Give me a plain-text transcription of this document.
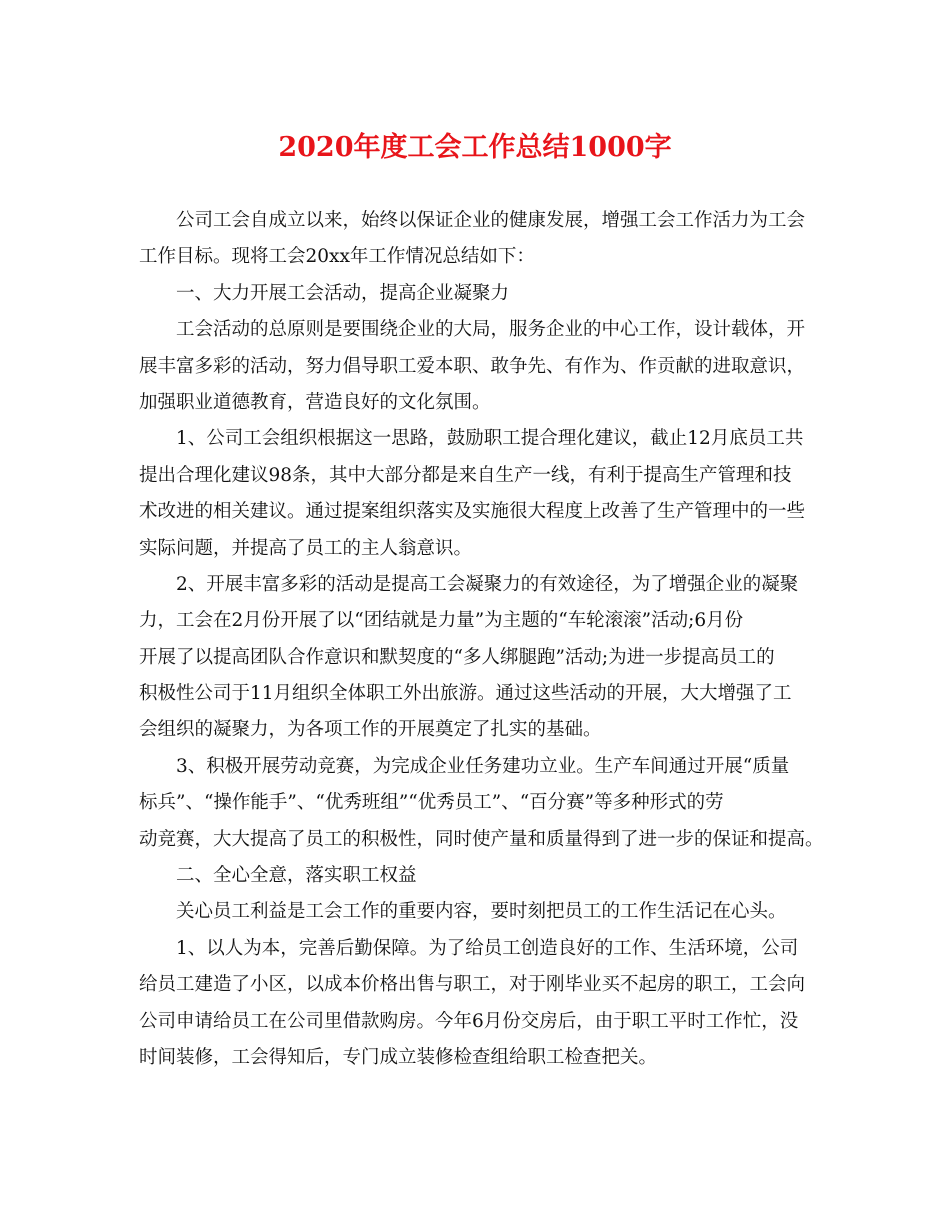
2020年度工会工作总结1000字
公司工会自成立以来，始终以保证企业的健康发展，增强工会工作活力为工会
工作目标。现将工会20xx年工作情况总结如下：
一、大力开展工会活动，提高企业凝聚力
工会活动的总原则是要围绕企业的大局，服务企业的中心工作，设计载体，开
展丰富多彩的活动，努力倡导职工爱本职、敢争先、有作为、作贡献的进取意识，
加强职业道德教育，营造良好的文化氛围。
1、公司工会组织根据这一思路，鼓励职工提合理化建议，截止12月底员工共
提出合理化建议98条，其中大部分都是来自生产一线，有利于提高生产管理和技
术改进的相关建议。通过提案组织落实及实施很大程度上改善了生产管理中的一些
实际问题，并提高了员工的主人翁意识。
2、开展丰富多彩的活动是提高工会凝聚力的有效途径，为了增强企业的凝聚
力，工会在2月份开展了以“团结就是力量”为主题的“车轮滚滚”活动;6月份
开展了以提高团队合作意识和默契度的“多人绑腿跑”活动;为进一步提高员工的
积极性公司于11月组织全体职工外出旅游。通过这些活动的开展，大大增强了工
会组织的凝聚力，为各项工作的开展奠定了扎实的基础。
3、积极开展劳动竞赛，为完成企业任务建功立业。生产车间通过开展“质量
标兵”、“操作能手”、“优秀班组”“优秀员工”、“百分赛”等多种形式的劳
动竞赛，大大提高了员工的积极性，同时使产量和质量得到了进一步的保证和提高。
二、全心全意，落实职工权益
关心员工利益是工会工作的重要内容，要时刻把员工的工作生活记在心头。
1、以人为本，完善后勤保障。为了给员工创造良好的工作、生活环境，公司
给员工建造了小区，以成本价格出售与职工，对于刚毕业买不起房的职工，工会向
公司申请给员工在公司里借款购房。今年6月份交房后，由于职工平时工作忙，没
时间装修，工会得知后，专门成立装修检查组给职工检查把关。
